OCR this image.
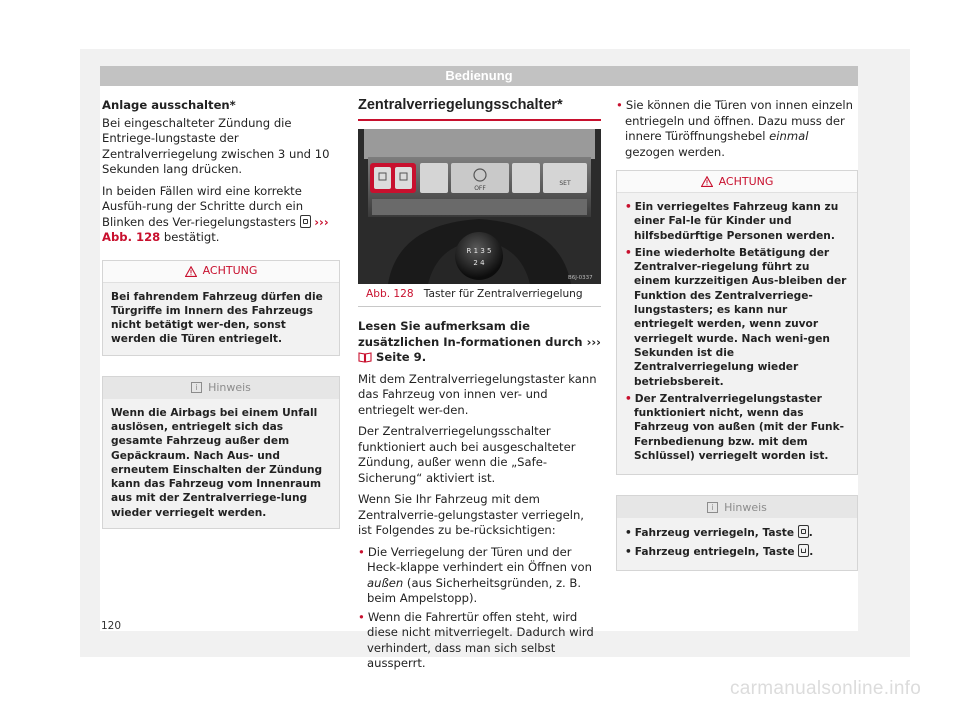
Bedienung
Anlage ausschalten*

Bei eingeschalteter Zündung die Entriege-lungstaste der Zentralverriegelung zwischen 3 und 10 Sekunden lang drücken.

In beiden Fällen wird eine korrekte Ausfüh-rung der Schritte durch ein Blinken des Ver-riegelungstasters
››› Abb. 128 bestätigt.

ACHTUNG
Bei fahrendem Fahrzeug dürfen die Türgriffe im Innern des Fahrzeugs nicht betätigt wer-den, sonst werden die Türen entriegelt.
i Hinweis
Wenn die Airbags bei einem Unfall auslösen, entriegelt sich das gesamte Fahrzeug außer dem Gepäckraum. Nach Aus- und erneutem Einschalten der Zündung kann das Fahrzeug vom Innenraum aus mit der Zentralverriege-lung wieder verriegelt werden.
Zentralverriegelungsschalter*
OFF
SET
R 1 3 5
2 4
B6J-0337
Abb. 128 Taster für Zentralverriegelung

Lesen Sie aufmerksam die zusätzlichen In-formationen durch ›››  Seite 9.

Mit dem Zentralverriegelungstaster kann das Fahrzeug von innen ver- und entriegelt wer-den.

Der Zentralverriegelungsschalter funktioniert auch bei ausgeschalteter Zündung, außer wenn die „Safe-Sicherung“ aktiviert ist.

Wenn Sie Ihr Fahrzeug mit dem Zentralverrie-gelungstaster verriegeln, ist Folgendes zu be-rücksichtigen:

• Die Verriegelung der Türen und der Heck-klappe verhindert ein Öffnen von außen (aus Sicherheitsgründen, z. B. beim Ampelstopp).
• Wenn die Fahrertür offen steht, wird diese nicht mitverriegelt. Dadurch wird verhindert, dass man sich selbst aussperrt.
• Sie können die Türen von innen einzeln entriegeln und öffnen. Dazu muss der innere Türöffnungshebel einmal gezogen werden.
ACHTUNG
• Ein verriegeltes Fahrzeug kann zu einer Fal-le für Kinder und hilfsbedürftige Personen werden.
• Eine wiederholte Betätigung der Zentralver-riegelung führt zu einem kurzzeitigen Aus-bleiben der Funktion des Zentralverriege-lungstasters; es kann nur entriegelt werden, wenn zuvor verriegelt wurde. Nach weni-gen Sekunden ist die Zentralverriegelung wieder betriebsbereit.
• Der Zentralverriegelungstaster funktioniert nicht, wenn das Fahrzeug von außen (mit der Funk-Fernbedienung bzw. mit dem Schlüssel) verriegelt worden ist.
i Hinweis
• Fahrzeug verriegeln, Taste
.
• Fahrzeug entriegeln, Taste
.
120
carmanualsonline.info
